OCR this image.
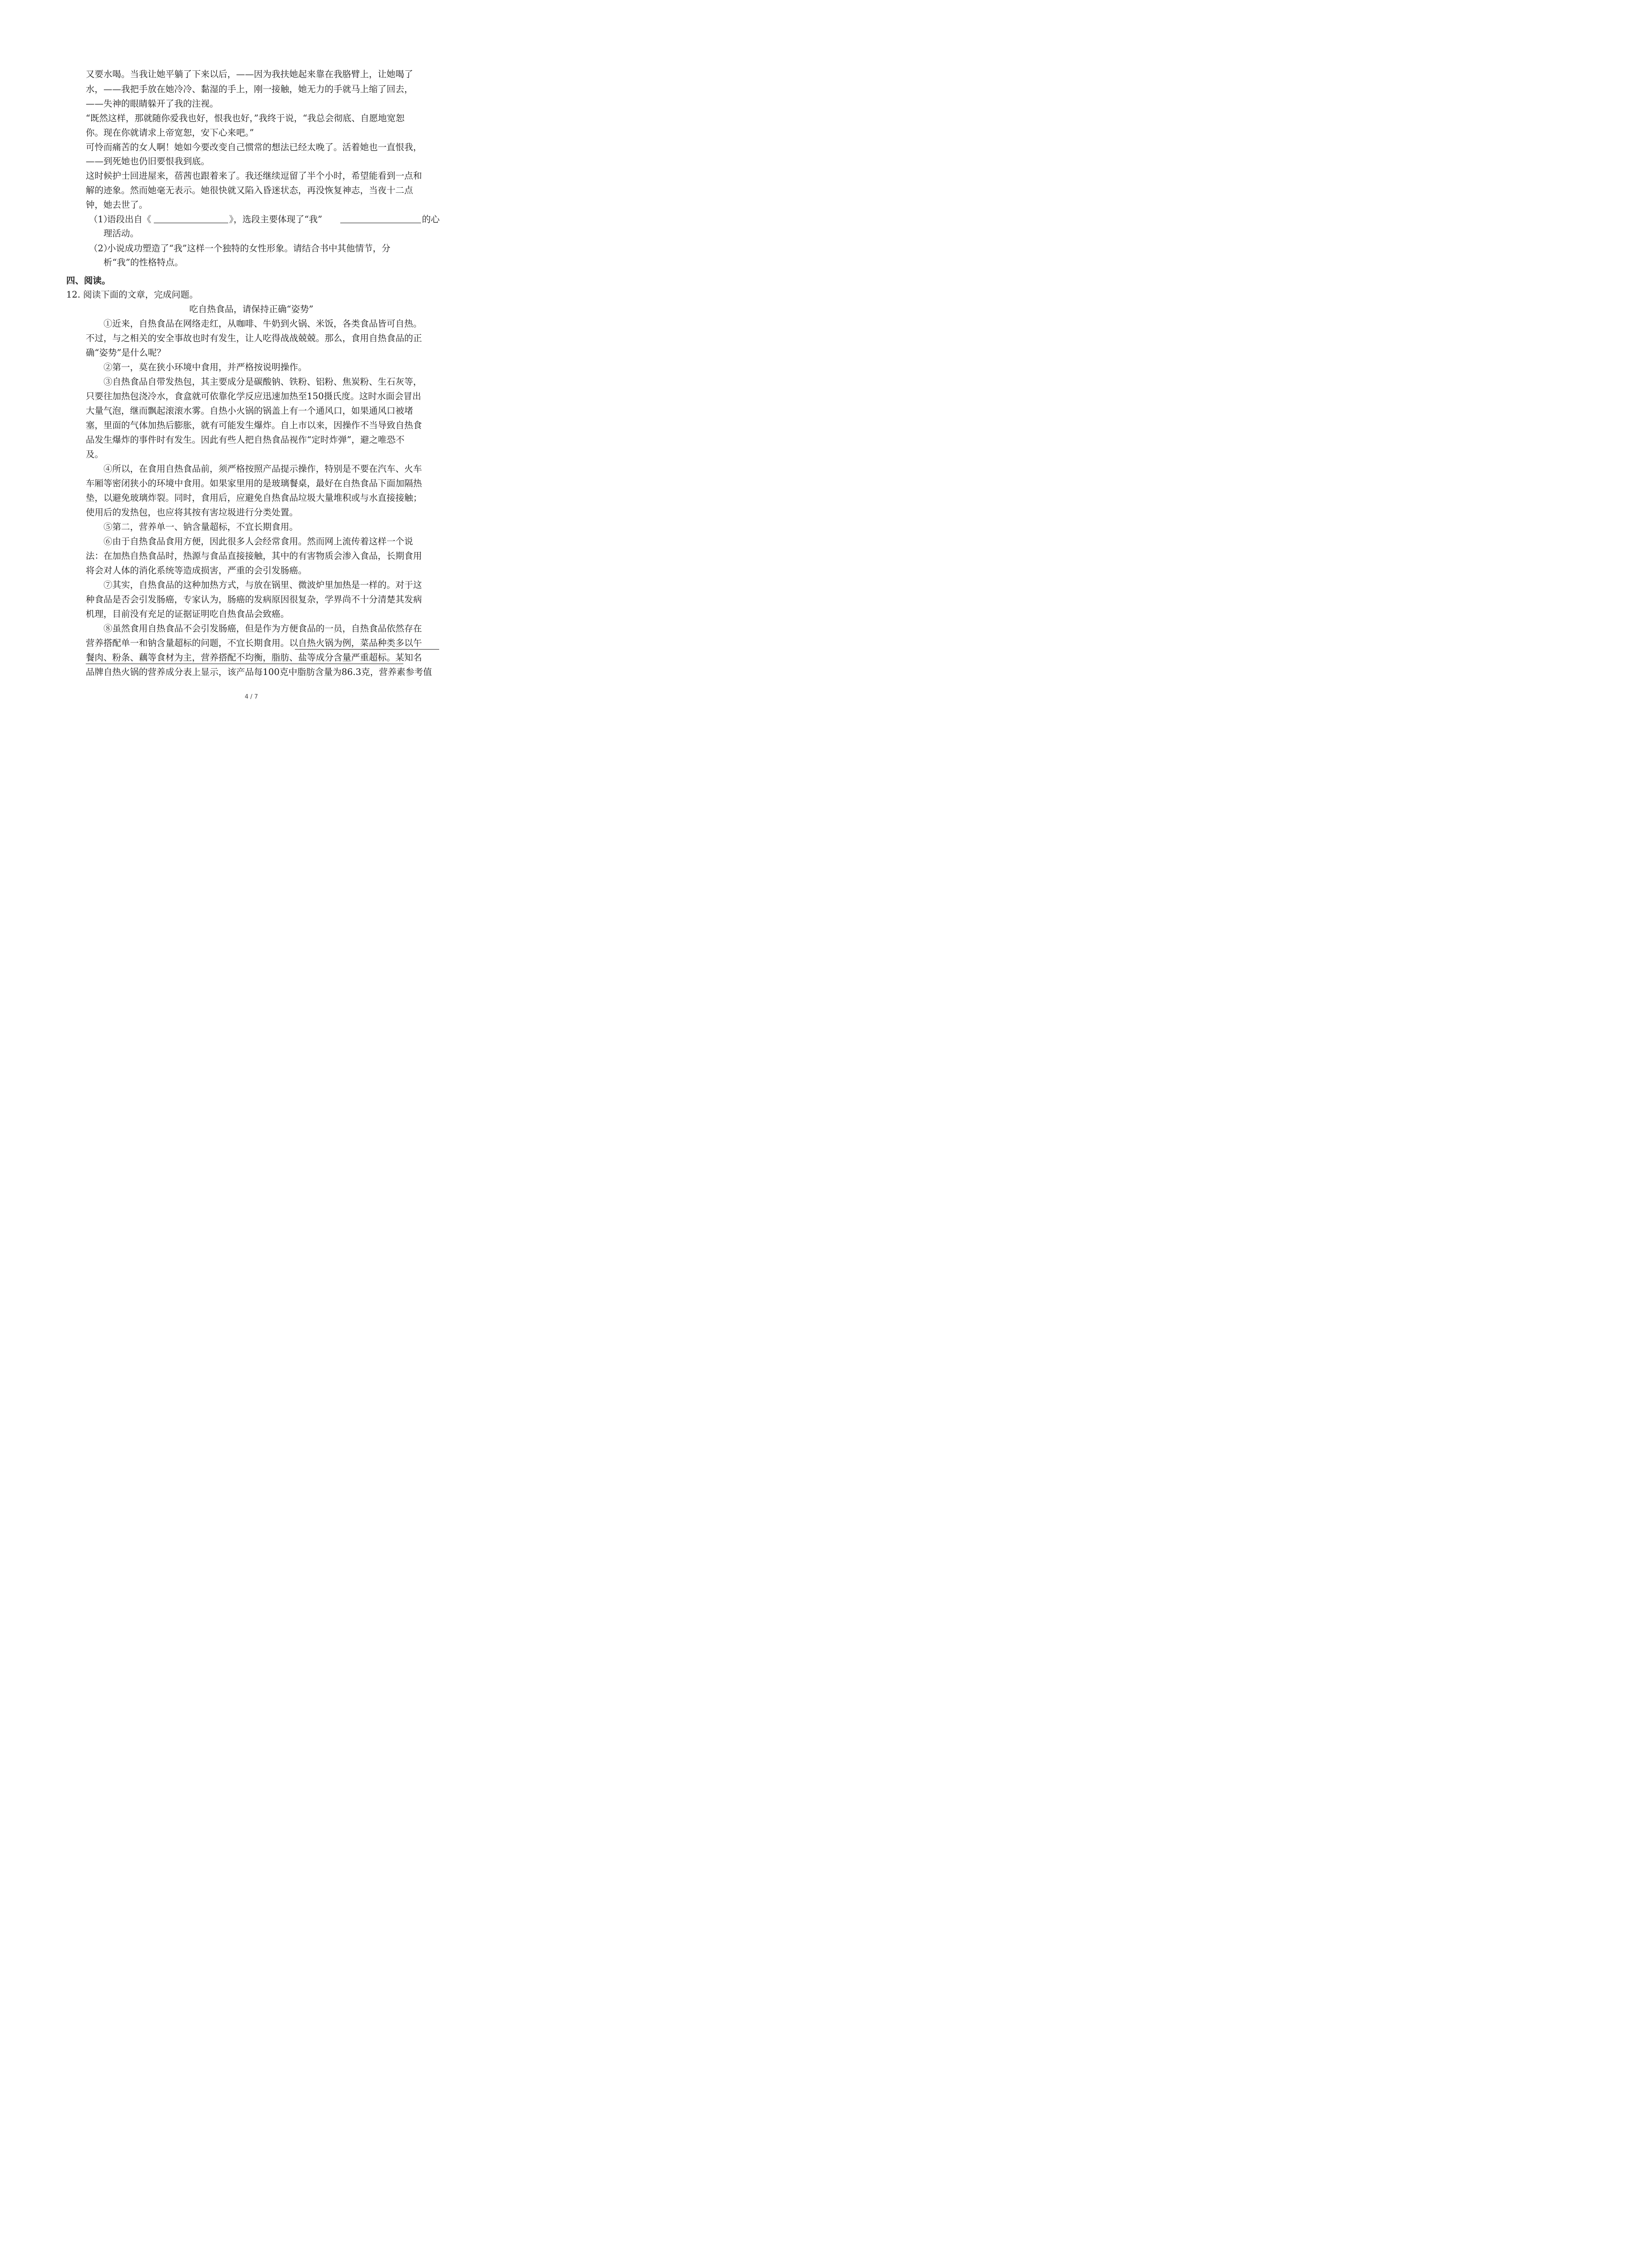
又要水喝。当我让她平躺了下来以后，——因为我扶她起来靠在我胳臂上，让她喝了
水，——我把手放在她冷冷、黏湿的手上，刚一接触，她无力的手就马上缩了回去，
——失神的眼睛躲开了我的注视。
“既然这样，那就随你爱我也好，恨我也好，”我终于说，“我总会彻底、自愿地宽恕
你。现在你就请求上帝宽恕，安下心来吧。”
可怜而痛苦的女人啊！她如今要改变自己惯常的想法已经太晚了。活着她也一直恨我，
——到死她也仍旧要恨我到底。
这时候护士回进屋来，蓓茜也跟着来了。我还继续逗留了半个小时，希望能看到一点和
解的迹象。然而她毫无表示。她很快就又陷入昏迷状态，再没恢复神志，当夜十二点
钟，她去世了。
（1）
语段出自《	》，选段主要体现了“我”	的心
理活动。
（2）
小说成功塑造了“我”这样一个独特的女性形象。请结合书中其他情节，分
析“我”的性格特点。
四、阅读。
12. 阅读下面的文章，完成问题。
吃自热食品，请保持正确“姿势”
①近来，自热食品在网络走红，从咖啡、牛奶到火锅、米饭，各类食品皆可自热。
不过，与之相关的安全事故也时有发生，让人吃得战战兢兢。那么，食用自热食品的正
确“姿势”是什么呢？
②第一，莫在狭小环境中食用，并严格按说明操作。
③自热食品自带发热包，其主要成分是碳酸钠、铁粉、铝粉、焦炭粉、生石灰等，
只要往加热包浇冷水，食盒就可依靠化学反应迅速加热至150摄氏度。这时水面会冒出
大量气泡，继而飘起滚滚水雾。自热小火锅的锅盖上有一个通风口，如果通风口被堵
塞，里面的气体加热后膨胀，就有可能发生爆炸。自上市以来，因操作不当导致自热食
品发生爆炸的事件时有发生。因此有些人把自热食品视作“定时炸弹”，避之唯恐不
及。
④所以，在食用自热食品前，须严格按照产品提示操作，特别是不要在汽车、火车
车厢等密闭狭小的环境中食用。如果家里用的是玻璃餐桌，最好在自热食品下面加隔热
垫，以避免玻璃炸裂。同时，食用后，应避免自热食品垃圾大量堆积或与水直接接触；
使用后的发热包，也应将其按有害垃圾进行分类处置。
⑤第二，营养单一、钠含量超标，不宜长期食用。
⑥由于自热食品食用方便，因此很多人会经常食用。然而网上流传着这样一个说
法：在加热自热食品时，热源与食品直接接触，其中的有害物质会渗入食品，长期食用
将会对人体的消化系统等造成损害，严重的会引发肠癌。
⑦其实，自热食品的这种加热方式，与放在锅里、微波炉里加热是一样的。对于这
种食品是否会引发肠癌，专家认为，肠癌的发病原因很复杂，学界尚不十分清楚其发病
机理，目前没有充足的证据证明吃自热食品会致癌。
⑧虽然食用自热食品不会引发肠癌，但是作为方便食品的一员，自热食品依然存在
营养搭配单一和钠含量超标的问题，不宜长期食用。以自热火锅为例，菜品种类多以午
餐肉、粉条、藕等食材为主，营养搭配不均衡，脂肪、盐等成分含量严重超标。某知名
品牌自热火锅的营养成分表上显示，该产品每100克中脂肪含量为86.3克，营养素参考值
4 / 7
